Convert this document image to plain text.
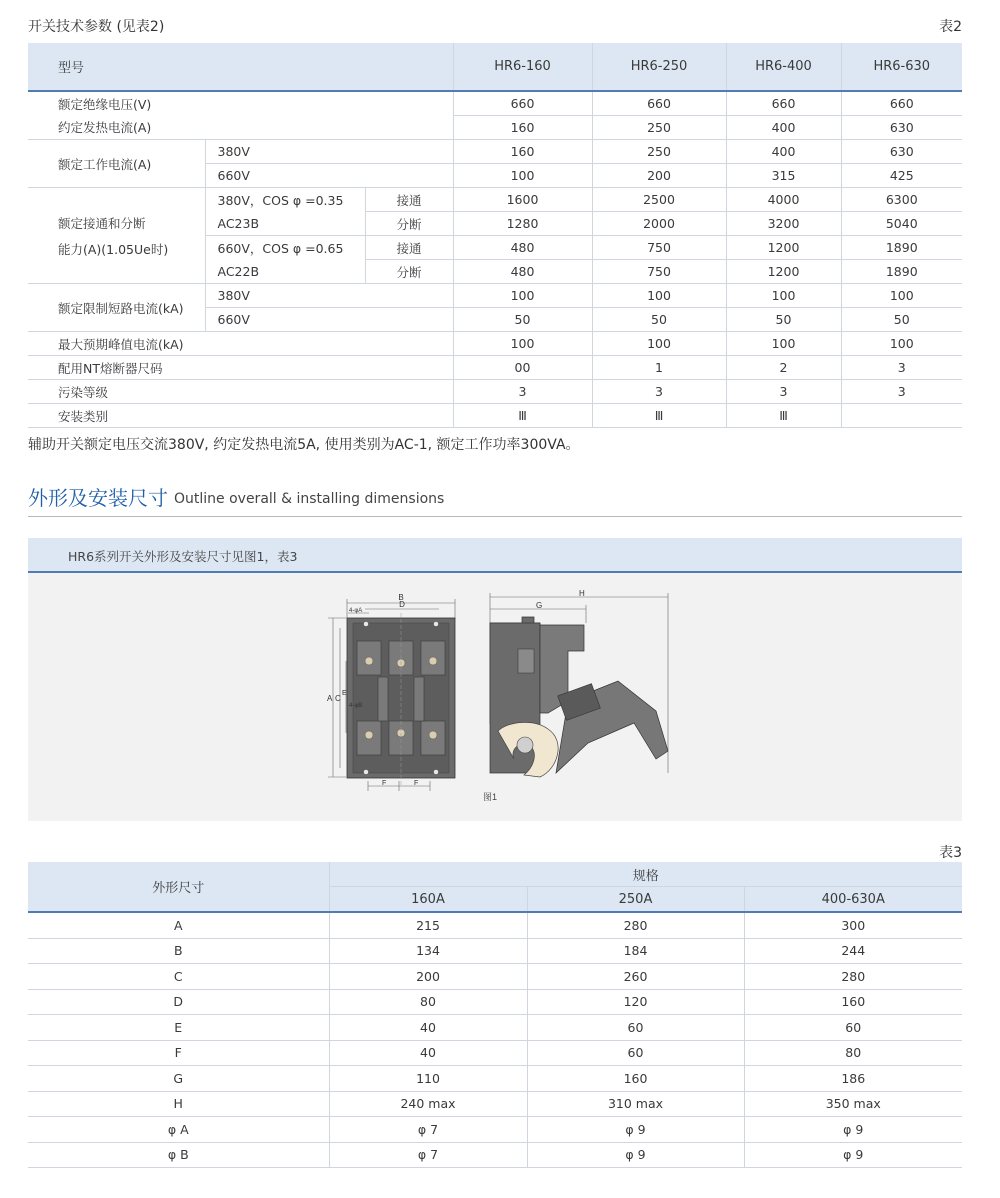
开关技术参数 (见表2)	表2
型号			HR6-160	HR6-250	HR6-400	HR6-630
额定绝缘电压(V)			660	660	660	660
约定发热电流(A)			160	250	400	630
额定工作电流(A)	380V		160	250	400	630
	660V		100	200	315	425

额定接通和分断
能力(A)(1.05Ue时)	380V，COS φ =0.35	接通	1600	2500	4000	6300
	AC23B	分断	1280	2000	3200	5040
	660V，COS φ =0.65	接通	480	750	1200	1890
	AC22B	分断	480	750	1200	1890
额定限制短路电流(kA)	380V		100	100	100	100
	660V		50	50	50	50
最大预期峰值电流(kA)			100	100	100	100
配用NT熔断器尺码			00	1	2	3
污染等级			3	3	3	3
安装类别			Ⅲ	Ⅲ	Ⅲ	
辅助开关额定电压交流380V, 约定发热电流5A, 使用类别为AC-1, 额定工作功率300VA。
外形及安装尺寸 Outline overall & installing dimensions
HR6系列开关外形及安装尺寸见图1，表3
B
D
4-φA
A C
E
4-φB
F	F
H
G
图1
表3
外形尺寸	规格		
	160A	250A	400-630A
A	215	280	300
B	134	184	244
C	200	260	280
D	80	120	160
E	40	60	60
F	40	60	80
G	110	160	186
H	240 max	310 max	350 max
φ A	φ 7	φ 9	φ 9
φ B	φ 7	φ 9	φ 9
